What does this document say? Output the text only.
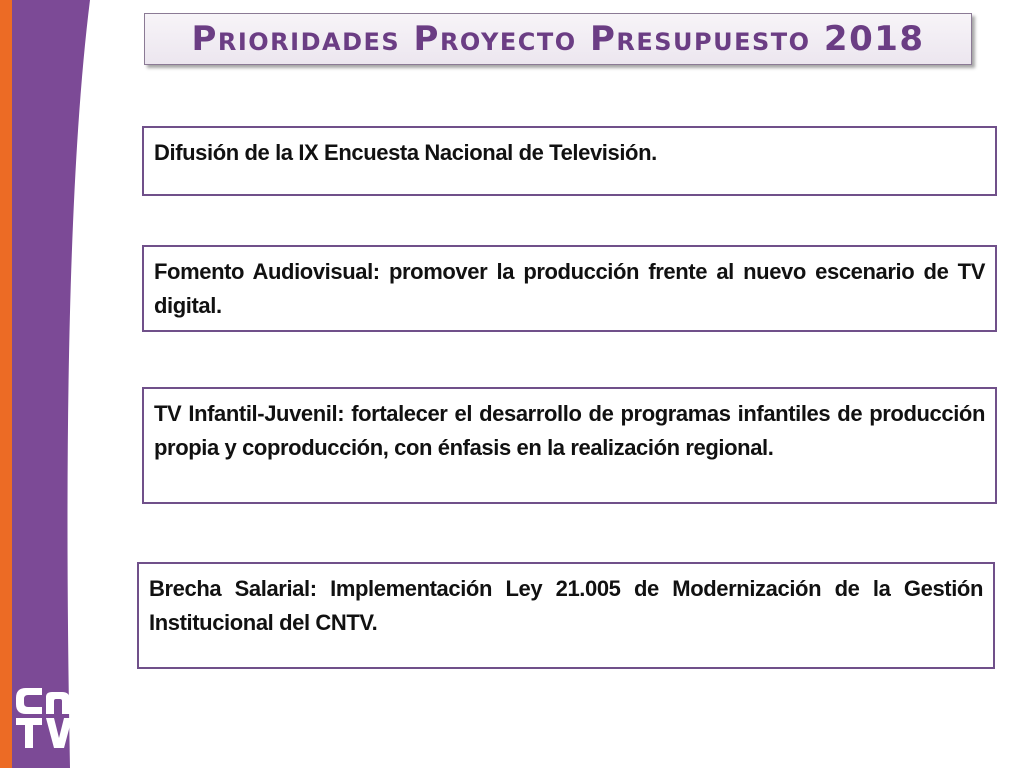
Prioridades Proyecto Presupuesto 2018

Difusión de la IX Encuesta Nacional de Televisión.

Fomento Audiovisual: promover la producción frente al nuevo escenario de TV digital.

TV Infantil-Juvenil: fortalecer el desarrollo de programas infantiles de producción propia y coproducción, con énfasis en la realización regional.

Brecha Salarial: Implementación Ley 21.005 de Modernización de la Gestión Institucional del CNTV.
